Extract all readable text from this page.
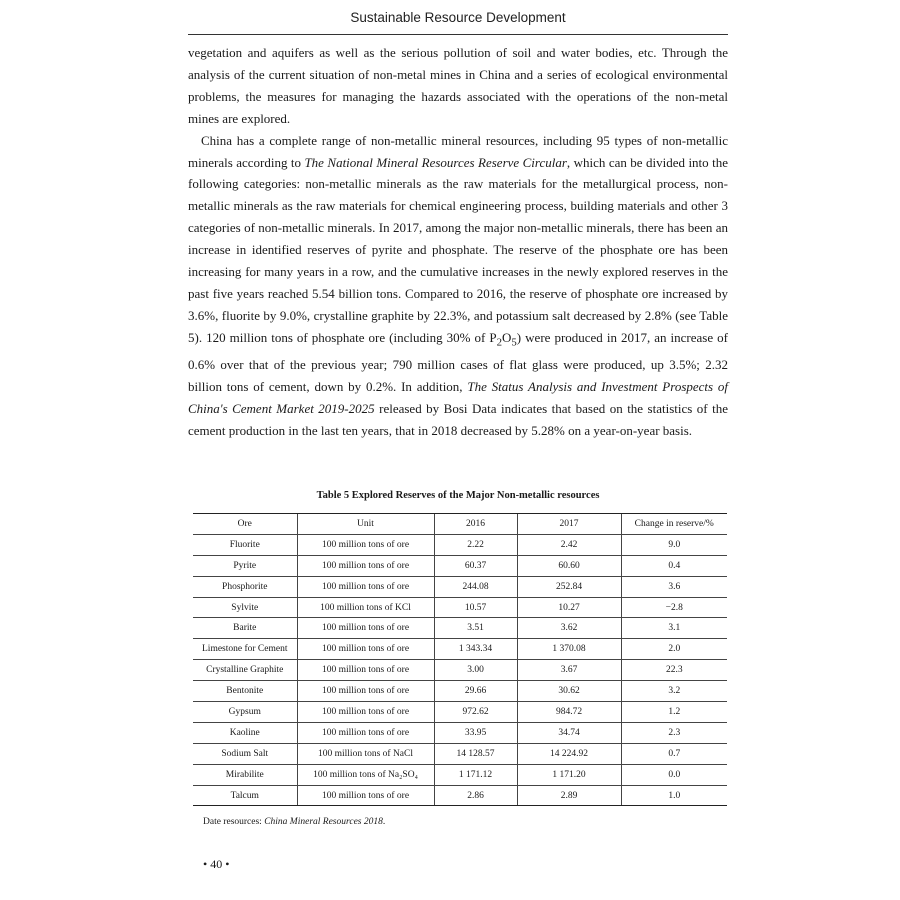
Sustainable Resource Development

vegetation and aquifers as well as the serious pollution of soil and water bodies, etc. Through the analysis of the current situation of non-metal mines in China and a series of ecological environmental problems, the measures for managing the hazards associated with the operations of the non-metal mines are explored.

China has a complete range of non-metallic mineral resources, including 95 types of non-metallic minerals according to The National Mineral Resources Reserve Circular, which can be divided into the following categories: non-metallic minerals as the raw materials for the metallurgical process, non-metallic minerals as the raw materials for chemical engineering process, building materials and other 3 categories of non-metallic minerals. In 2017, among the major non-metallic minerals, there has been an increase in identified reserves of pyrite and phosphate. The reserve of the phosphate ore has been increasing for many years in a row, and the cumulative increases in the newly explored reserves in the past five years reached 5.54 billion tons. Compared to 2016, the reserve of phosphate ore increased by 3.6%, fluorite by 9.0%, crystalline graphite by 22.3%, and potassium salt decreased by 2.8% (see Table 5). 120 million tons of phosphate ore (including 30% of $P_2O_5$) were produced in 2017, an increase of 0.6% over that of the previous year; 790 million cases of flat glass were produced, up 3.5%; 2.32 billion tons of cement, down by 0.2%. In addition, The Status Analysis and Investment Prospects of China's Cement Market 2019-2025 released by Bosi Data indicates that based on the statistics of the cement production in the last ten years, that in 2018 decreased by 5.28% on a year-on-year basis.

Table 5 Explored Reserves of the Major Non-metallic resources
Ore	Unit	2016	2017	Change in reserve/%
Fluorite	100 million tons of ore	2.22	2.42	9.0
Pyrite	100 million tons of ore	60.37	60.60	0.4
Phosphorite	100 million tons of ore	244.08	252.84	3.6
Sylvite	100 million tons of KCl	10.57	10.27	−2.8
Barite	100 million tons of ore	3.51	3.62	3.1
Limestone for Cement	100 million tons of ore	1 343.34	1 370.08	2.0
Crystalline Graphite	100 million tons of ore	3.00	3.67	22.3
Bentonite	100 million tons of ore	29.66	30.62	3.2
Gypsum	100 million tons of ore	972.62	984.72	1.2
Kaoline	100 million tons of ore	33.95	34.74	2.3
Sodium Salt	100 million tons of NaCl	14 128.57	14 224.92	0.7
Mirabilite	100 million tons of Na₂SO₄	1 171.12	1 171.20	0.0
Talcum	100 million tons of ore	2.86	2.89	1.0
Date resources: China Mineral Resources 2018.
• 40 •
